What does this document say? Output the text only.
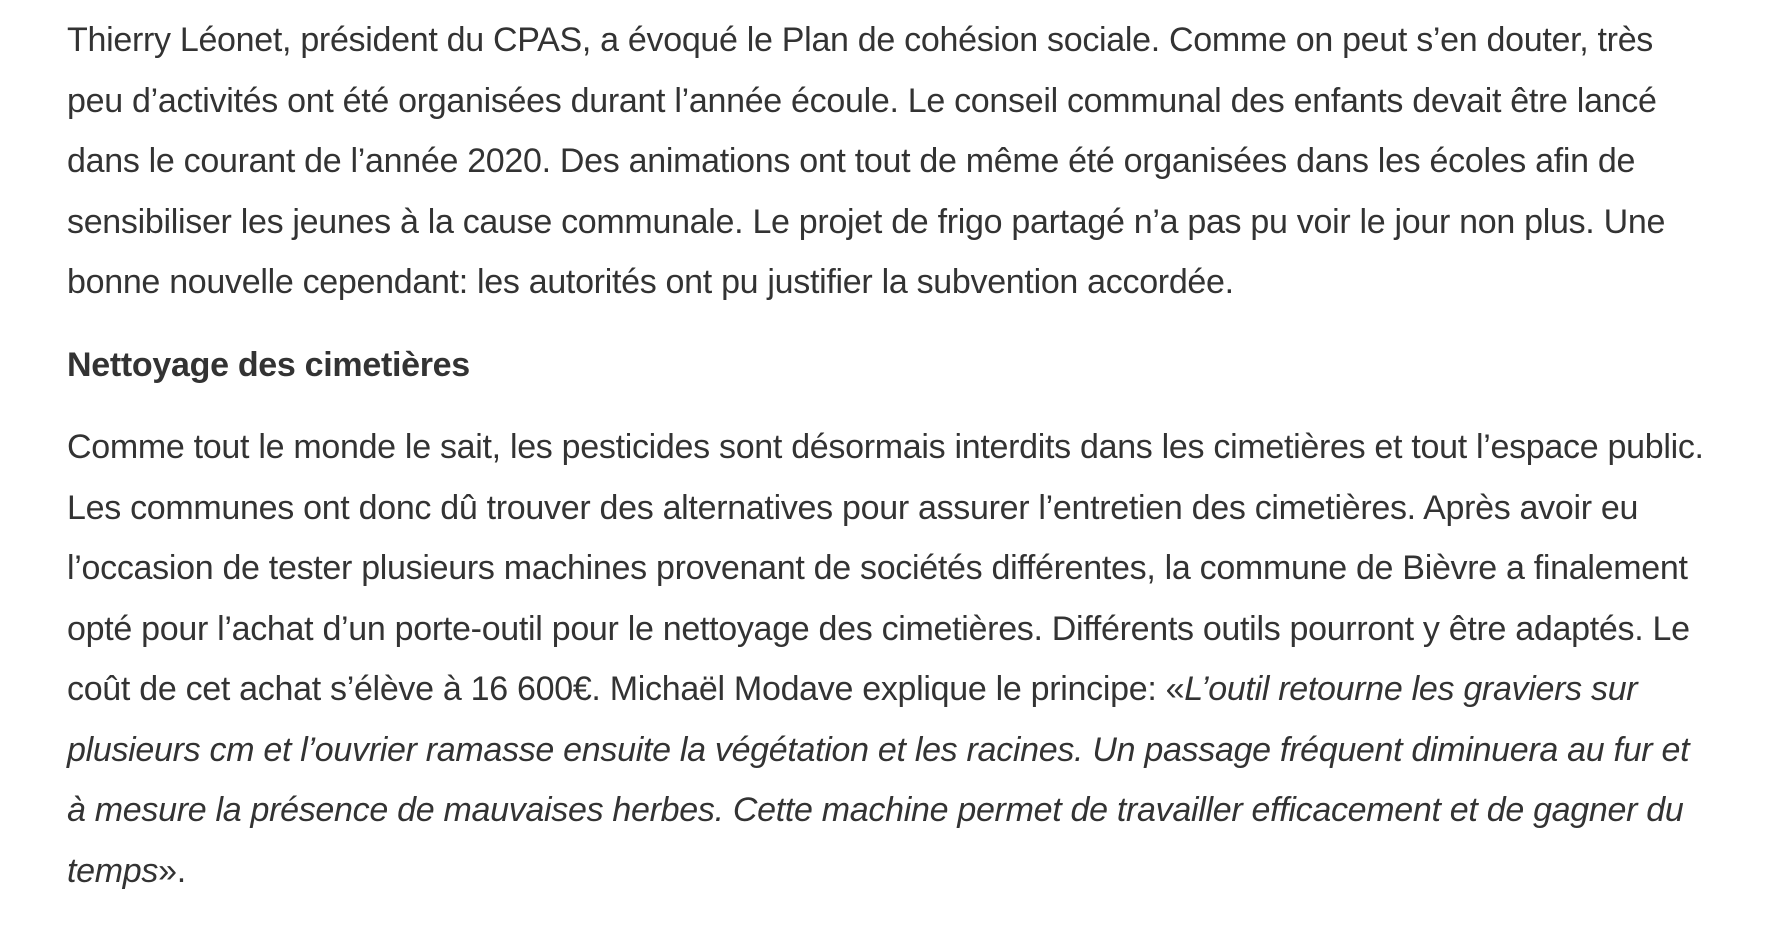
Thierry Léonet, président du CPAS, a évoqué le Plan de cohésion sociale. Comme on peut s’en douter, très peu d’activités ont été organisées durant l’année écoule. Le conseil communal des enfants devait être lancé dans le courant de l’année 2020. Des animations ont tout de même été organisées dans les écoles afin de sensibiliser les jeunes à la cause communale. Le projet de frigo partagé n’a pas pu voir le jour non plus. Une bonne nouvelle cependant: les autorités ont pu justifier la subvention accordée.

Nettoyage des cimetières

Comme tout le monde le sait, les pesticides sont désormais interdits dans les cimetières et tout l’espace public. Les communes ont donc dû trouver des alternatives pour assurer l’entretien des cimetières. Après avoir eu l’occasion de tester plusieurs machines provenant de sociétés différentes, la commune de Bièvre a finalement opté pour l’achat d’un porte-outil pour le nettoyage des cimetières. Différents outils pourront y être adaptés. Le coût de cet achat s’élève à 16 600€. Michaël Modave explique le principe: «L’outil retourne les graviers sur plusieurs cm et l’ouvrier ramasse ensuite la végétation et les racines. Un passage fréquent diminuera au fur et à mesure la présence de mauvaises herbes. Cette machine permet de travailler efficacement et de gagner du temps».
